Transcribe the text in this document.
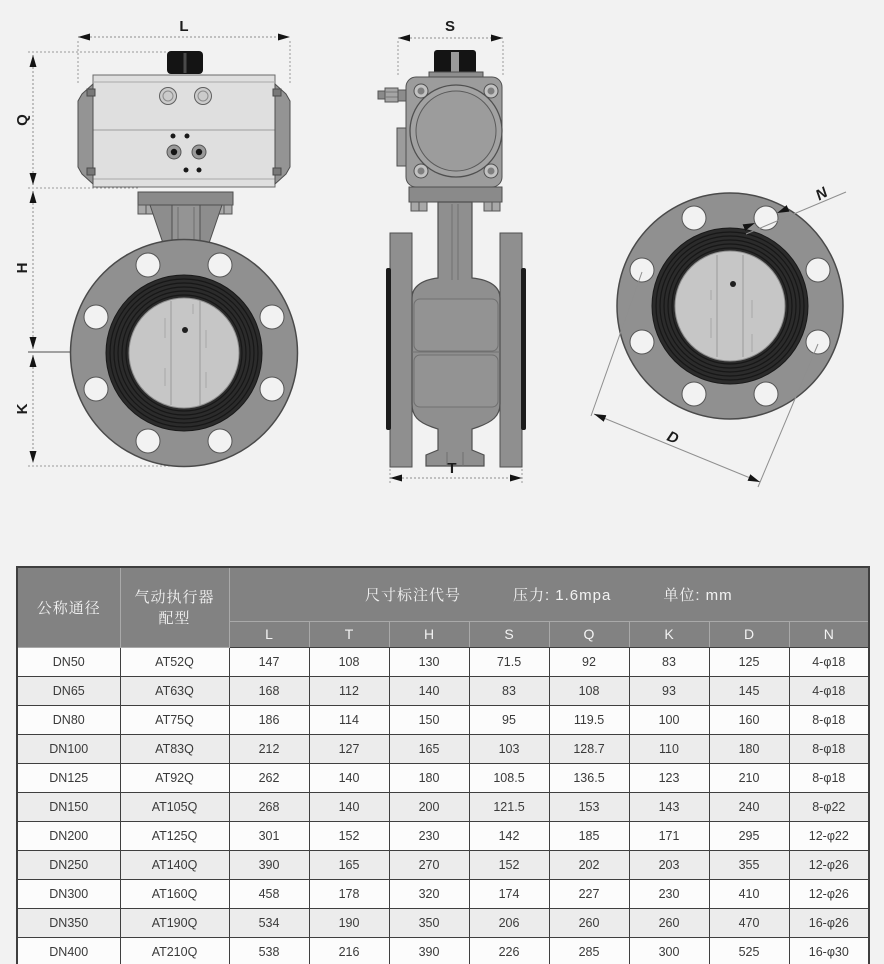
L
Q
H
K
S
T
N
D
公称通径	
气动执行器
配型

尺寸标注代号	压力: 1.6mpa	单位: mm

		L	T	H	S	Q	K	D	N
DN50	AT52Q	147	108	130	71.5	92	83	125	4-φ18
DN65	AT63Q	168	112	140	83	108	93	145	4-φ18
DN80	AT75Q	186	114	150	95	119.5	100	160	8-φ18
DN100	AT83Q	212	127	165	103	128.7	110	180	8-φ18
DN125	AT92Q	262	140	180	108.5	136.5	123	210	8-φ18
DN150	AT105Q	268	140	200	121.5	153	143	240	8-φ22
DN200	AT125Q	301	152	230	142	185	171	295	12-φ22
DN250	AT140Q	390	165	270	152	202	203	355	12-φ26
DN300	AT160Q	458	178	320	174	227	230	410	12-φ26
DN350	AT190Q	534	190	350	206	260	260	470	16-φ26
DN400	AT210Q	538	216	390	226	285	300	525	16-φ30
